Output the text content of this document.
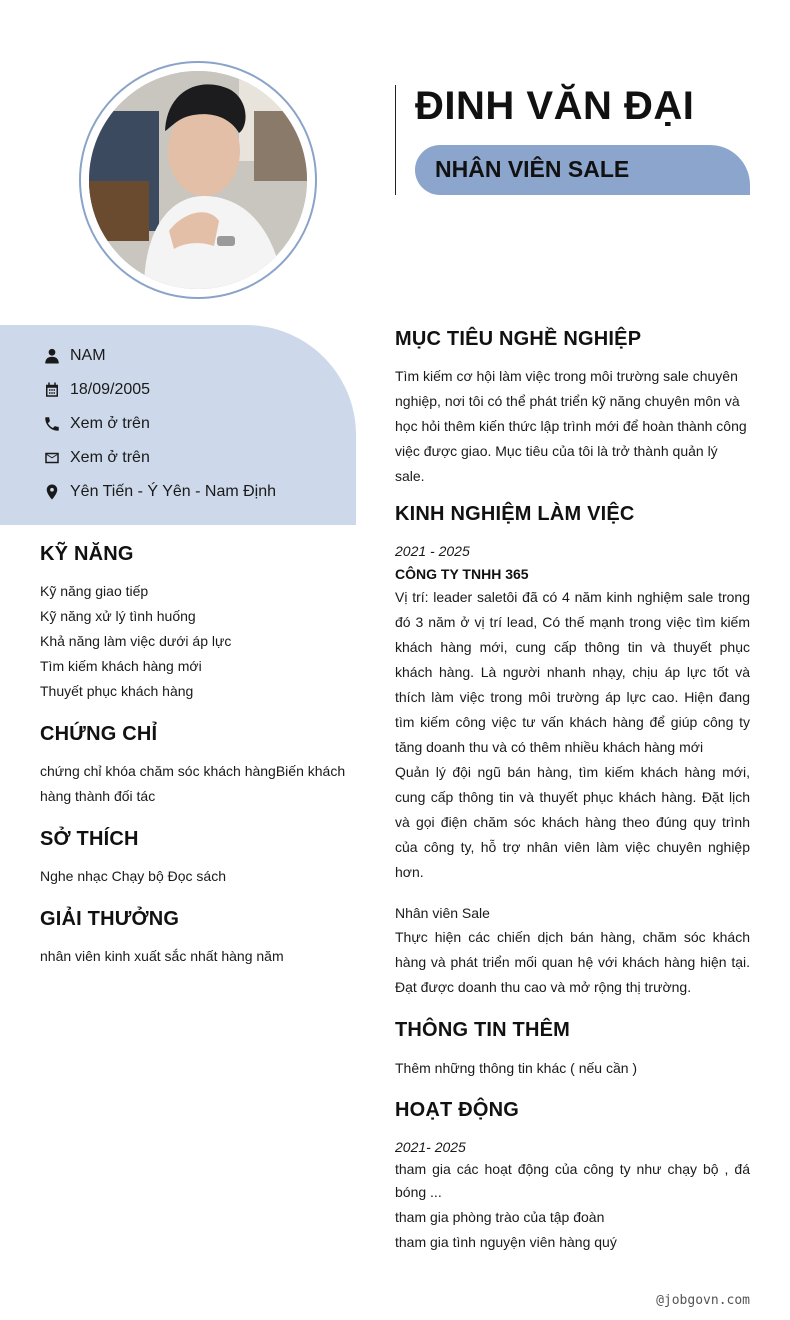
ĐINH VĂN ĐẠI
NHÂN VIÊN SALE
NAM
18/09/2005
Xem ở trên
Xem ở trên
Yên Tiến - Ý Yên - Nam Định
KỸ NĂNG
Kỹ năng giao tiếp
Kỹ năng xử lý tình huống
Khả năng làm việc dưới áp lực
Tìm kiếm khách hàng mới
Thuyết phục khách hàng
CHỨNG CHỈ
chứng chỉ khóa chăm sóc khách hàngBiến khách hàng thành đối tác
SỞ THÍCH
Nghe nhạc Chạy bộ Đọc sách
GIẢI THƯỞNG
nhân viên kinh xuất sắc nhất hàng năm
MỤC TIÊU NGHỀ NGHIỆP
Tìm kiếm cơ hội làm việc trong môi trường sale chuyên nghiệp, nơi tôi có thể phát triển kỹ năng chuyên môn và học hỏi thêm kiến thức lập trình mới để hoàn thành công việc được giao. Mục tiêu của tôi là trở thành quản lý sale.
KINH NGHIỆM LÀM VIỆC
2021 - 2025
CÔNG TY TNHH 365
Vị trí: leader saletôi đã có 4 năm kinh nghiệm sale trong đó 3 năm ở vị trí lead, Có thế mạnh trong việc tìm kiếm khách hàng mới, cung cấp thông tin và thuyết phục khách hàng. Là người nhanh nhạy, chịu áp lực tốt và thích làm việc trong môi trường áp lực cao. Hiện đang tìm kiếm công việc tư vấn khách hàng để giúp công ty tăng doanh thu và có thêm nhiều khách hàng mới
Quản lý đội ngũ bán hàng, tìm kiếm khách hàng mới, cung cấp thông tin và thuyết phục khách hàng. Đặt lịch và gọi điện chăm sóc khách hàng theo đúng quy trình của công ty, hỗ trợ nhân viên làm việc chuyên nghiệp hơn.
Nhân viên Sale
Thực hiện các chiến dịch bán hàng, chăm sóc khách hàng và phát triển mối quan hệ với khách hàng hiện tại. Đạt được doanh thu cao và mở rộng thị trường.
THÔNG TIN THÊM
Thêm những thông tin khác ( nếu cần )
HOẠT ĐỘNG
2021- 2025
tham gia các hoạt động của công ty như chạy bộ , đá bóng ...
tham gia phòng trào của tập đoàn
tham gia tình nguyện viên hàng quý
@jobgovn.com
